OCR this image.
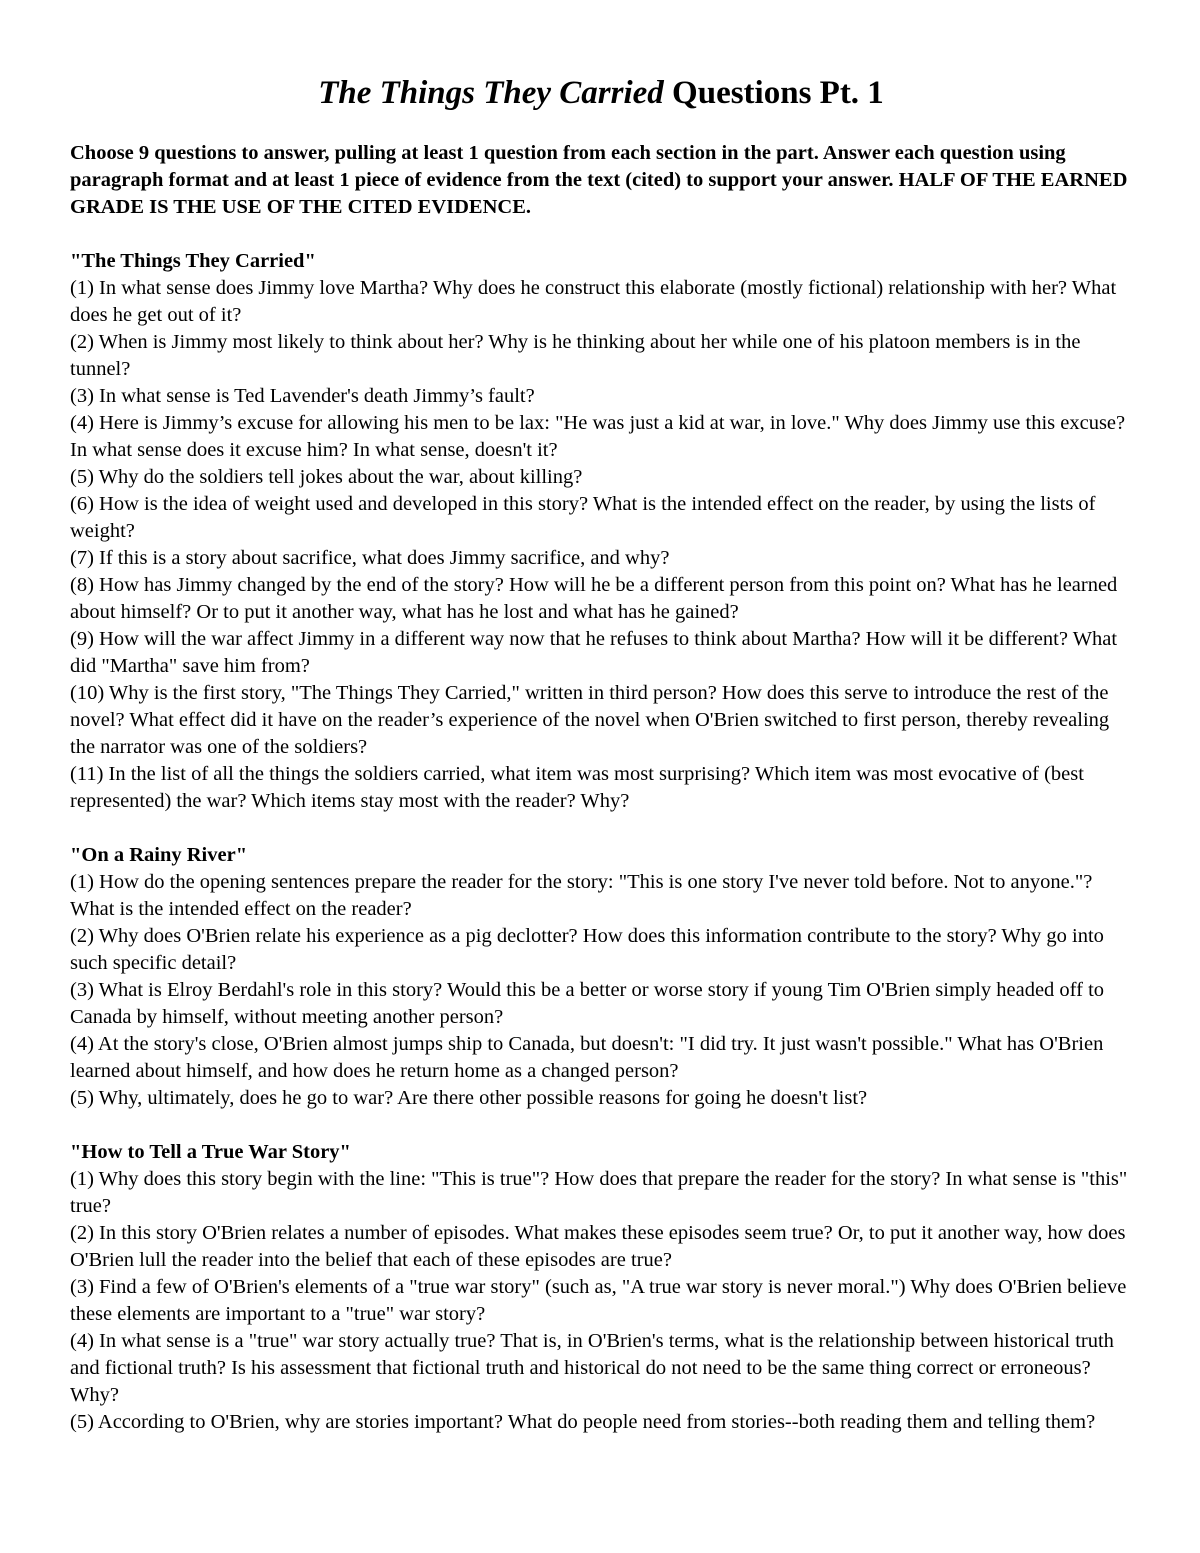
The Things They Carried Questions Pt. 1

Choose 9 questions to answer, pulling at least 1 question from each section in the part. Answer each question using paragraph format and at least 1 piece of evidence from the text (cited) to support your answer. HALF OF THE EARNED GRADE IS THE USE OF THE CITED EVIDENCE.

"The Things They Carried"

(1) In what sense does Jimmy love Martha? Why does he construct this elaborate (mostly fictional) relationship with her? What does he get out of it?

(2) When is Jimmy most likely to think about her? Why is he thinking about her while one of his platoon members is in the tunnel?

(3) In what sense is Ted Lavender's death Jimmy’s fault?

(4) Here is Jimmy’s excuse for allowing his men to be lax: "He was just a kid at war, in love." Why does Jimmy use this excuse? In what sense does it excuse him? In what sense, doesn't it?

(5) Why do the soldiers tell jokes about the war, about killing?

(6) How is the idea of weight used and developed in this story? What is the intended effect on the reader, by using the lists of weight?

(7) If this is a story about sacrifice, what does Jimmy sacrifice, and why?

(8) How has Jimmy changed by the end of the story? How will he be a different person from this point on? What has he learned about himself? Or to put it another way, what has he lost and what has he gained?

(9) How will the war affect Jimmy in a different way now that he refuses to think about Martha? How will it be different? What did "Martha" save him from?

(10) Why is the first story, "The Things They Carried," written in third person? How does this serve to introduce the rest of the novel? What effect did it have on the reader’s experience of the novel when O'Brien switched to first person, thereby revealing the narrator was one of the soldiers?

(11) In the list of all the things the soldiers carried, what item was most surprising? Which item was most evocative of (best represented) the war? Which items stay most with the reader? Why?

"On a Rainy River"

(1) How do the opening sentences prepare the reader for the story: "This is one story I've never told before. Not to anyone."? What is the intended effect on the reader?

(2) Why does O'Brien relate his experience as a pig declotter? How does this information contribute to the story? Why go into such specific detail?

(3) What is Elroy Berdahl's role in this story? Would this be a better or worse story if young Tim O'Brien simply headed off to Canada by himself, without meeting another person?

(4) At the story's close, O'Brien almost jumps ship to Canada, but doesn't: "I did try. It just wasn't possible." What has O'Brien learned about himself, and how does he return home as a changed person?

(5) Why, ultimately, does he go to war? Are there other possible reasons for going he doesn't list?

"How to Tell a True War Story"

(1) Why does this story begin with the line: "This is true"? How does that prepare the reader for the story? In what sense is "this" true?

(2) In this story O'Brien relates a number of episodes. What makes these episodes seem true? Or, to put it another way, how does O'Brien lull the reader into the belief that each of these episodes are true?

(3) Find a few of O'Brien's elements of a "true war story" (such as, "A true war story is never moral.") Why does O'Brien believe these elements are important to a "true" war story?

(4) In what sense is a "true" war story actually true? That is, in O'Brien's terms, what is the relationship between historical truth and fictional truth? Is his assessment that fictional truth and historical do not need to be the same thing correct or erroneous? Why?

(5) According to O'Brien, why are stories important? What do people need from stories--both reading them and telling them?
